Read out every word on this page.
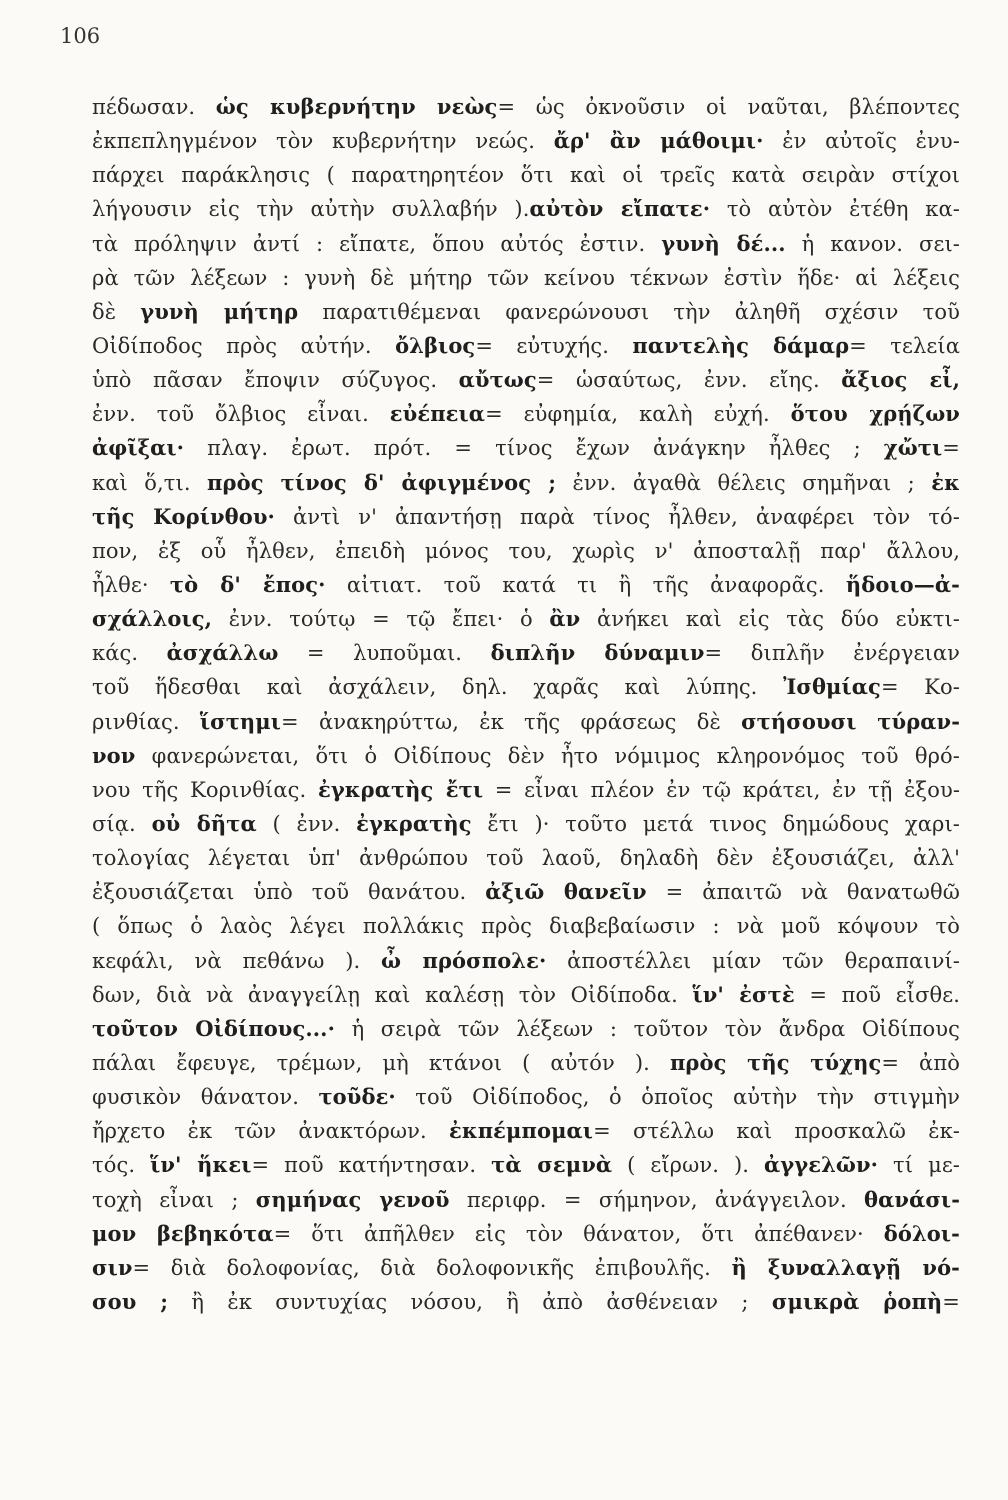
106
πέδωσαν. ὡς κυβερνήτην νεὼς= ὡς ὀκνοῦσιν οἱ ναῦται, βλέποντες
ἐκπεπληγμένον τὸν κυβερνήτην νεώς. ἄρ' ἂν μάθοιμι· ἐν αὐτοῖς ἐνυ-
πάρχει παράκλησις ( παρατηρητέον ὅτι καὶ οἱ τρεῖς κατὰ σειρὰν στίχοι
λήγουσιν εἰς τὴν αὐτὴν συλλαβήν ).αὐτὸν εἴπατε· τὸ αὐτὸν ἐτέθη κα-
τὰ πρόληψιν ἀντί : εἴπατε, ὅπου αὐτός ἐστιν. γυνὴ δέ... ἡ κανον. σει-
ρὰ τῶν λέξεων : γυνὴ δὲ μήτηρ τῶν κείνου τέκνων ἐστὶν ἥδε· αἱ λέξεις
δὲ γυνὴ μήτηρ παρατιθέμεναι φανερώνουσι τὴν ἀληθῆ σχέσιν τοῦ
Οἰδίποδος πρὸς αὐτήν. ὄλβιος= εὐτυχής. παντελὴς δάμαρ= τελεία
ὑπὸ πᾶσαν ἔποψιν σύζυγος. αὔτως= ὡσαύτως, ἐνν. εἴης. ἄξιος εἶ,
ἐνν. τοῦ ὄλβιος εἶναι. εὐέπεια= εὐφημία, καλὴ εὐχή. ὅτου χρῄζων
ἀφῖξαι· πλαγ. ἐρωτ. πρότ. = τίνος ἔχων ἀνάγκην ἦλθες ; χὤτι=
καὶ ὅ,τι. πρὸς τίνος δ' ἀφιγμένος ; ἐνν. ἀγαθὰ θέλεις σημῆναι ; ἐκ
τῆς Κορίνθου· ἀντὶ ν' ἀπαντήσῃ παρὰ τίνος ἦλθεν, ἀναφέρει τὸν τό-
πον, ἐξ οὗ ἦλθεν, ἐπειδὴ μόνος του, χωρὶς ν' ἀποσταλῇ παρ' ἄλλου,
ἦλθε· τὸ δ' ἔπος· αἰτιατ. τοῦ κατά τι ἢ τῆς ἀναφορᾶς. ἥδοιο—ἀ-
σχάλλοις, ἐνν. τούτῳ = τῷ ἔπει· ὁ ἂν ἀνήκει καὶ εἰς τὰς δύο εὐκτι-
κάς. ἀσχάλλω = λυποῦμαι. διπλῆν δύναμιν= διπλῆν ἐνέργειαν
τοῦ ἥδεσθαι καὶ ἀσχάλειν, δηλ. χαρᾶς καὶ λύπης. Ἰσθμίας= Κο-
ρινθίας. ἵστημι= ἀνακηρύττω, ἐκ τῆς φράσεως δὲ στήσουσι τύραν-
νον φανερώνεται, ὅτι ὁ Οἰδίπους δὲν ἦτο νόμιμος κληρονόμος τοῦ θρό-
νου τῆς Κορινθίας. ἐγκρατὴς ἔτι = εἶναι πλέον ἐν τῷ κράτει, ἐν τῇ ἐξου-
σίᾳ. οὐ δῆτα ( ἐνν. ἐγκρατὴς ἔτι )· τοῦτο μετά τινος δημώδους χαρι-
τολογίας λέγεται ὑπ' ἀνθρώπου τοῦ λαοῦ, δηλαδὴ δὲν ἐξουσιάζει, ἀλλ'
ἐξουσιάζεται ὑπὸ τοῦ θανάτου. ἀξιῶ θανεῖν = ἀπαιτῶ νὰ θανατωθῶ
( ὅπως ὁ λαὸς λέγει πολλάκις πρὸς διαβεβαίωσιν : νὰ μοῦ κόψουν τὸ
κεφάλι, νὰ πεθάνω ). ὦ πρόσπολε· ἀποστέλλει μίαν τῶν θεραπαινί-
δων, διὰ νὰ ἀναγγείλῃ καὶ καλέσῃ τὸν Οἰδίποδα. ἵν' ἐστὲ = ποῦ εἶσθε.
τοῦτον Οἰδίπους...· ἡ σειρὰ τῶν λέξεων : τοῦτον τὸν ἄνδρα Οἰδίπους
πάλαι ἔφευγε, τρέμων, μὴ κτάνοι ( αὐτόν ). πρὸς τῆς τύχης= ἀπὸ
φυσικὸν θάνατον. τοῦδε· τοῦ Οἰδίποδος, ὁ ὁποῖος αὐτὴν τὴν στιγμὴν
ἤρχετο ἐκ τῶν ἀνακτόρων. ἐκπέμπομαι= στέλλω καὶ προσκαλῶ ἐκ-
τός. ἵν' ἥκει= ποῦ κατήντησαν. τὰ σεμνὰ ( εἴρων. ). ἀγγελῶν· τί με-
τοχὴ εἶναι ; σημήνας γενοῦ περιφρ. = σήμηνον, ἀνάγγειλον. θανάσι-
μον βεβηκότα= ὅτι ἀπῆλθεν εἰς τὸν θάνατον, ὅτι ἀπέθανεν· δόλοι-
σιν= διὰ δολοφονίας, διὰ δολοφονικῆς ἐπιβουλῆς. ἢ ξυναλλαγῇ νό-
σου ; ἢ ἐκ συντυχίας νόσου, ἢ ἀπὸ ἀσθένειαν ; σμικρὰ ῥοπὴ=
